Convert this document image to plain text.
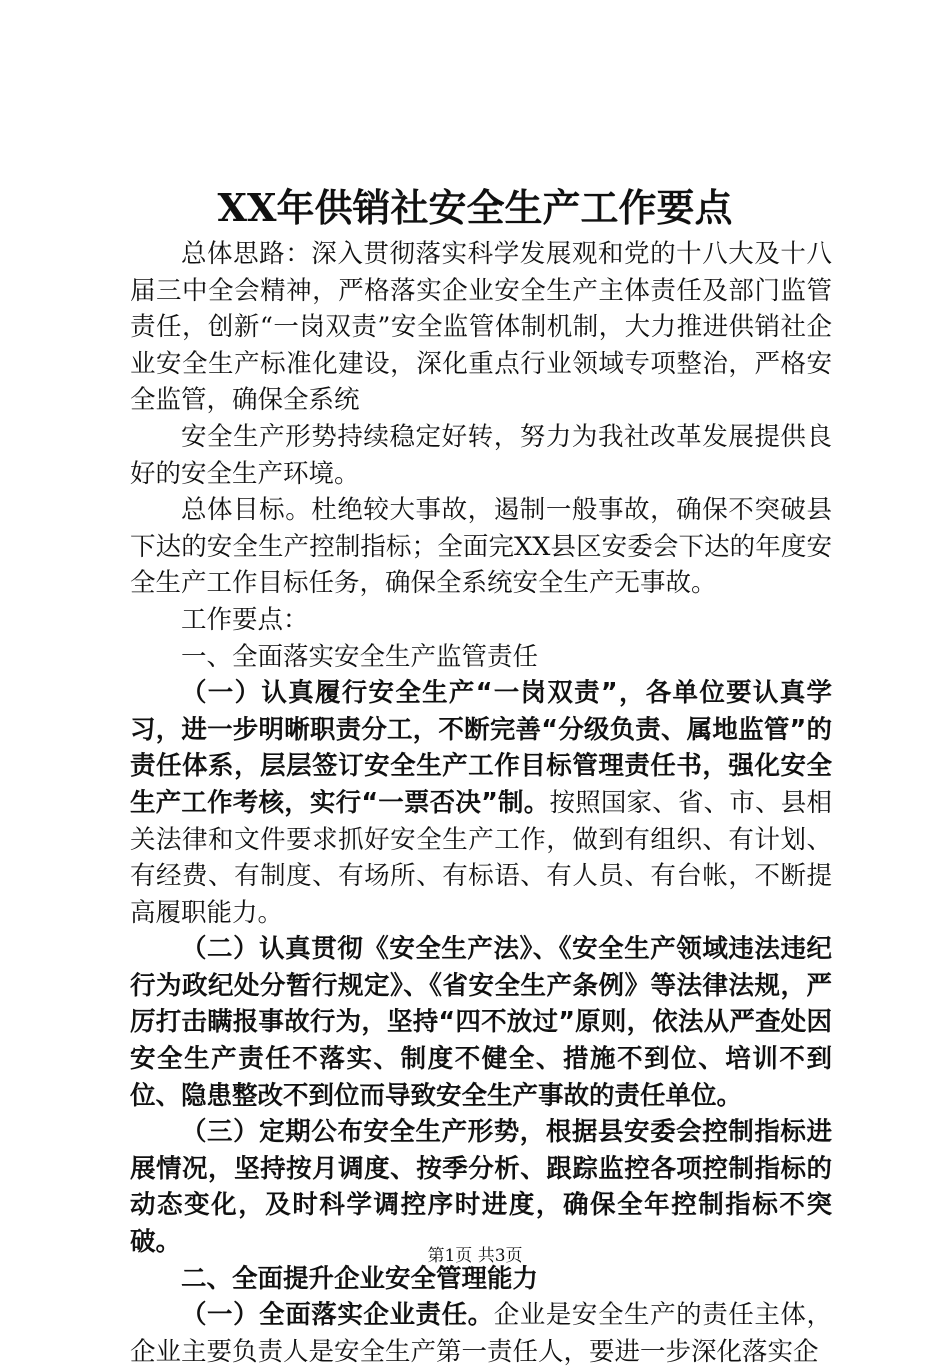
XX年供销社安全生产工作要点

总体思路：深入贯彻落实科学发展观和党的十八大及十八届三中全会精神，严格落实企业安全生产主体责任及部门监管责任，创新“一岗双责”安全监管体制机制，大力推进供销社企业安全生产标准化建设，深化重点行业领域专项整治，严格安全监管，确保全系统

安全生产形势持续稳定好转，努力为我社改革发展提供良好的安全生产环境。

总体目标。杜绝较大事故，遏制一般事故，确保不突破县下达的安全生产控制指标；全面完XX县区安委会下达的年度安全生产工作目标任务，确保全系统安全生产无事故。

工作要点：

一、全面落实安全生产监管责任

（一）认真履行安全生产“一岗双责”，各单位要认真学习，进一步明晰职责分工，不断完善“分级负责、属地监管”的责任体系，层层签订安全生产工作目标管理责任书，强化安全生产工作考核，实行“一票否决”制。按照国家、省、市、县相关法律和文件要求抓好安全生产工作，做到有组织、有计划、有经费、有制度、有场所、有标语、有人员、有台帐，不断提高履职能力。

（二）认真贯彻《安全生产法》、《安全生产领域违法违纪行为政纪处分暂行规定》、《省安全生产条例》等法律法规，严厉打击瞒报事故行为，坚持“四不放过”原则，依法从严查处因安全生产责任不落实、制度不健全、措施不到位、培训不到位、隐患整改不到位而导致安全生产事故的责任单位。

（三）定期公布安全生产形势，根据县安委会控制指标进展情况，坚持按月调度、按季分析、跟踪监控各项控制指标的动态变化，及时科学调控序时进度，确保全年控制指标不突破。

二、全面提升企业安全管理能力

（一）全面落实企业责任。企业是安全生产的责任主体，企业主要负责人是安全生产第一责任人，要进一步深化落实企

第1页 共3页
